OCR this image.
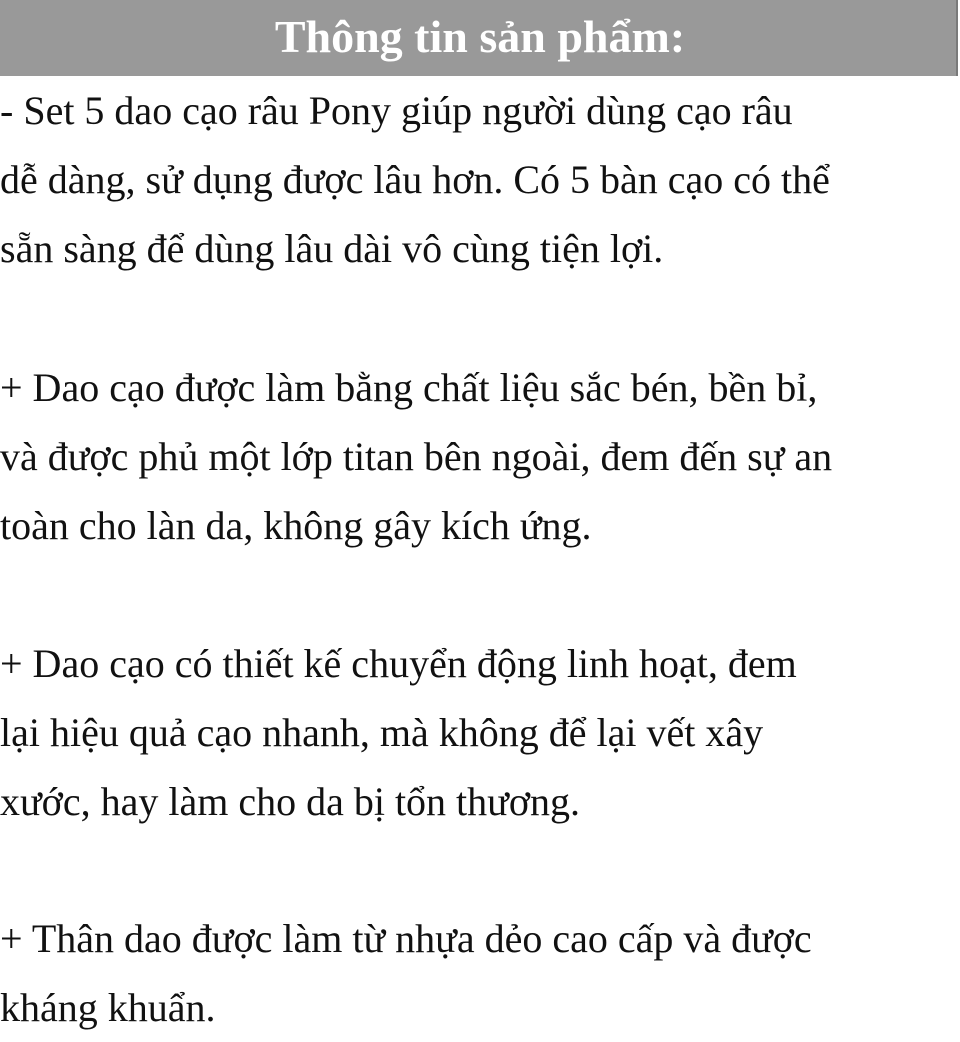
Thông tin sản phẩm:

- Set 5 dao cạo râu Pony giúp người dùng cạo râu
dễ dàng, sử dụng được lâu hơn. Có 5 bàn cạo có thể
sẵn sàng để dùng lâu dài vô cùng tiện lợi.

+ Dao cạo được làm bằng chất liệu sắc bén, bền bỉ,
và được phủ một lớp titan bên ngoài, đem đến sự an
toàn cho làn da, không gây kích ứng.

+ Dao cạo có thiết kế chuyển động linh hoạt, đem
lại hiệu quả cạo nhanh, mà không để lại vết xây
xước, hay làm cho da bị tổn thương.

+ Thân dao được làm từ nhựa dẻo cao cấp và được
kháng khuẩn.
